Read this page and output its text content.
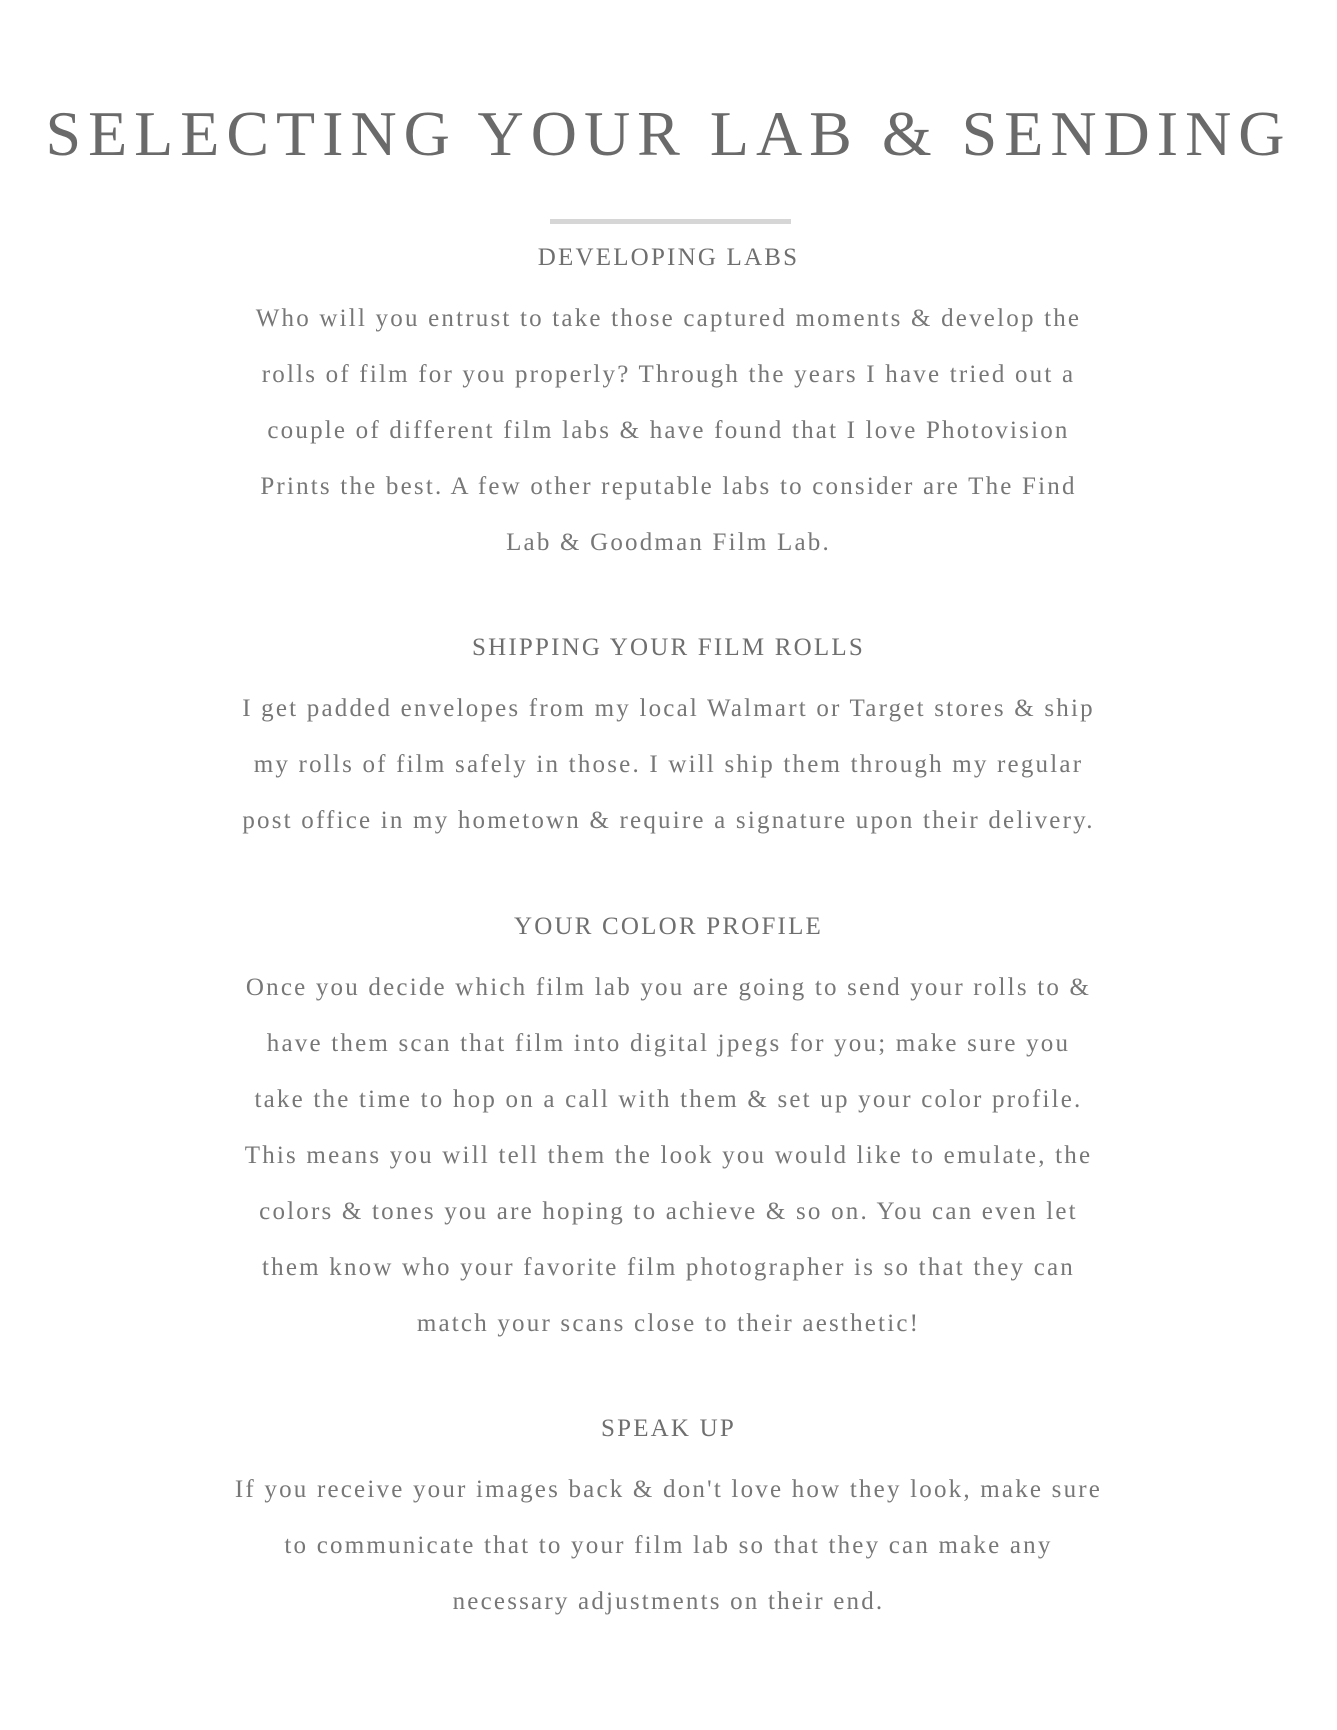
SELECTING YOUR LAB & SENDING
DEVELOPING LABS
Who will you entrust to take those captured moments & develop the
rolls of film for you properly? Through the years I have tried out a
couple of different film labs & have found that I love Photovision
Prints the best. A few other reputable labs to consider are The Find
Lab & Goodman Film Lab.
SHIPPING YOUR FILM ROLLS
I get padded envelopes from my local Walmart or Target stores & ship
my rolls of film safely in those. I will ship them through my regular
post office in my hometown & require a signature upon their delivery.
YOUR COLOR PROFILE
Once you decide which film lab you are going to send your rolls to &
have them scan that film into digital jpegs for you; make sure you
take the time to hop on a call with them & set up your color profile.
This means you will tell them the look you would like to emulate, the
colors & tones you are hoping to achieve & so on. You can even let
them know who your favorite film photographer is so that they can
match your scans close to their aesthetic!
SPEAK UP
If you receive your images back & don't love how they look, make sure
to communicate that to your film lab so that they can make any
necessary adjustments on their end.
